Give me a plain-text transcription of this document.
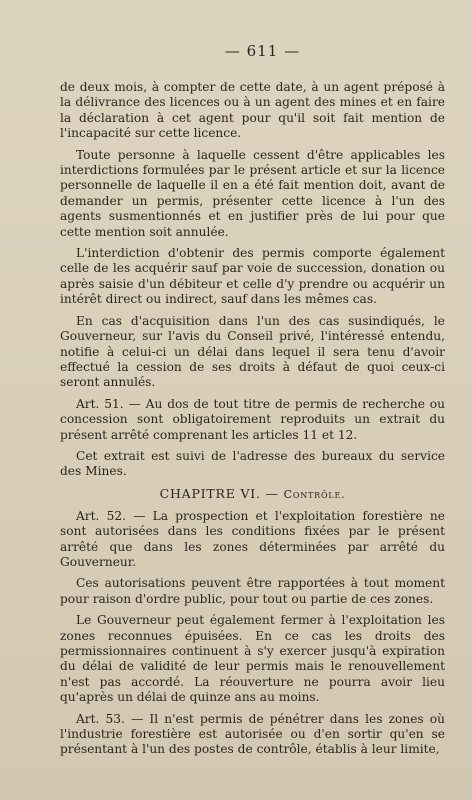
— 611 —

de deux mois, à compter de cette date, à un agent préposé à la délivrance des licences ou à un agent des mines et en faire la déclaration à cet agent pour qu'il soit fait mention de l'incapacité sur cette licence.

Toute personne à laquelle cessent d'être applicables les interdictions formulées par le présent article et sur la licence personnelle de laquelle il en a été fait mention doit, avant de demander un permis, présenter cette licence à l'un des agents susmentionnés et en justifier près de lui pour que cette mention soit annulée.

L'interdiction d'obtenir des permis comporte également celle de les acquérir sauf par voie de succession, donation ou après saisie d'un débiteur et celle d'y prendre ou acquérir un intérêt direct ou indirect, sauf dans les mêmes cas.

En cas d'acquisition dans l'un des cas susindiqués, le Gouverneur, sur l'avis du Conseil privé, l'intéressé entendu, notifie à celui-ci un délai dans lequel il sera tenu d'avoir effectué la cession de ses droits à défaut de quoi ceux-ci seront annulés.

Art. 51. — Au dos de tout titre de permis de recherche ou concession sont obligatoirement reproduits un extrait du présent arrêté comprenant les articles 11 et 12.

Cet extrait est suivi de l'adresse des bureaux du service des Mines.

CHAPITRE VI. — Contrôle.

Art. 52. — La prospection et l'exploitation forestière ne sont autorisées dans les conditions fixées par le présent arrêté que dans les zones déterminées par arrêté du Gouverneur.

Ces autorisations peuvent être rapportées à tout moment pour raison d'ordre public, pour tout ou partie de ces zones.

Le Gouverneur peut également fermer à l'exploitation les zones reconnues épuisées. En ce cas les droits des permissionnaires continuent à s'y exercer jusqu'à expiration du délai de validité de leur permis mais le renouvellement n'est pas accordé. La réouverture ne pourra avoir lieu qu'après un délai de quinze ans au moins.

Art. 53. — Il n'est permis de pénétrer dans les zones où l'industrie forestière est autorisée ou d'en sortir qu'en se présentant à l'un des postes de contrôle, établis à leur limite,
